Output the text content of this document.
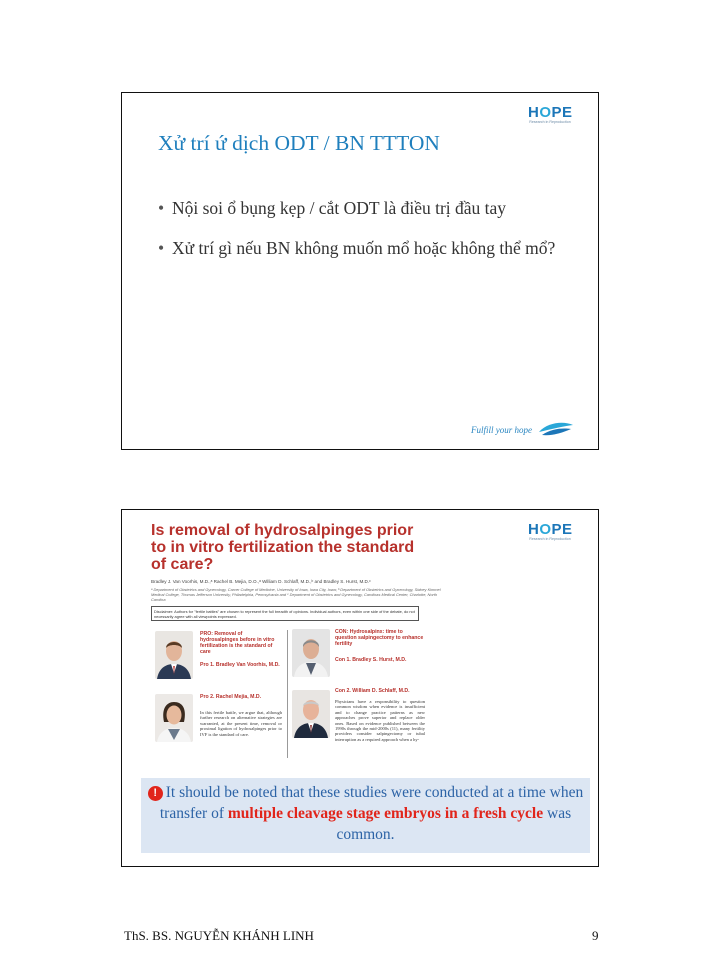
HOPE
Research in Reproduction
Xử trí ứ dịch ODT / BN TTTON
• Nội soi ổ bụng kẹp / cắt ODT là điều trị đầu tay
• Xử trí gì nếu BN không muốn mổ hoặc không thể mổ?
Fulfill your hope
HOPE
Research in Reproduction
Is removal of hydrosalpinges prior to in vitro fertilization the standard of care?
Bradley J. Van Voorhis, M.D.,ᵃ Rachel B. Mejia, D.O.,ᵃ William D. Schlaff, M.D.,ᵇ and Bradley S. Hurst, M.D.ᶜ
ᵃ Department of Obstetrics and Gynecology, Carver College of Medicine, University of Iowa, Iowa City, Iowa; ᵇ Department of Obstetrics and Gynecology, Sidney Kimmel Medical College, Thomas Jefferson University, Philadelphia, Pennsylvania and ᶜ Department of Obstetrics and Gynecology, Carolinas Medical Center, Charlotte, North Carolina
Disclaimer: Authors for "fertile battles" are chosen to represent the full breadth of opinions. Individual authors, even within one side of the debate, do not necessarily agree with all viewpoints expressed.
PRO: Removal of hydrosalpinges before in vitro fertilization is the standard of care
Pro 1. Bradley Van Voorhis, M.D.
Pro 2. Rachel Mejia, M.D.
In this fertile battle, we argue that, although further research on alternative strategies are warranted, at the present time, removal or proximal ligation of hydrosalpinges prior to IVF is the standard of care.
CON: Hydrosalpinx: time to question salpingectomy to enhance fertility
Con 1. Bradley S. Hurst, M.D.
Con 2. William D. Schlaff, M.D.
Physicians have a responsibility to question common wisdom when evidence is insufficient and to change practice patterns as new approaches prove superior and replace older ones. Based on evidence published between the 1990s through the mid-2000s (11), many fertility providers consider salpingectomy or tubal interruption as a required approach when a hy-
! It should be noted that these studies were conducted at a time when transfer of multiple cleavage stage embryos in a fresh cycle was common.
ThS. BS. NGUYỄN KHÁNH LINH	9
